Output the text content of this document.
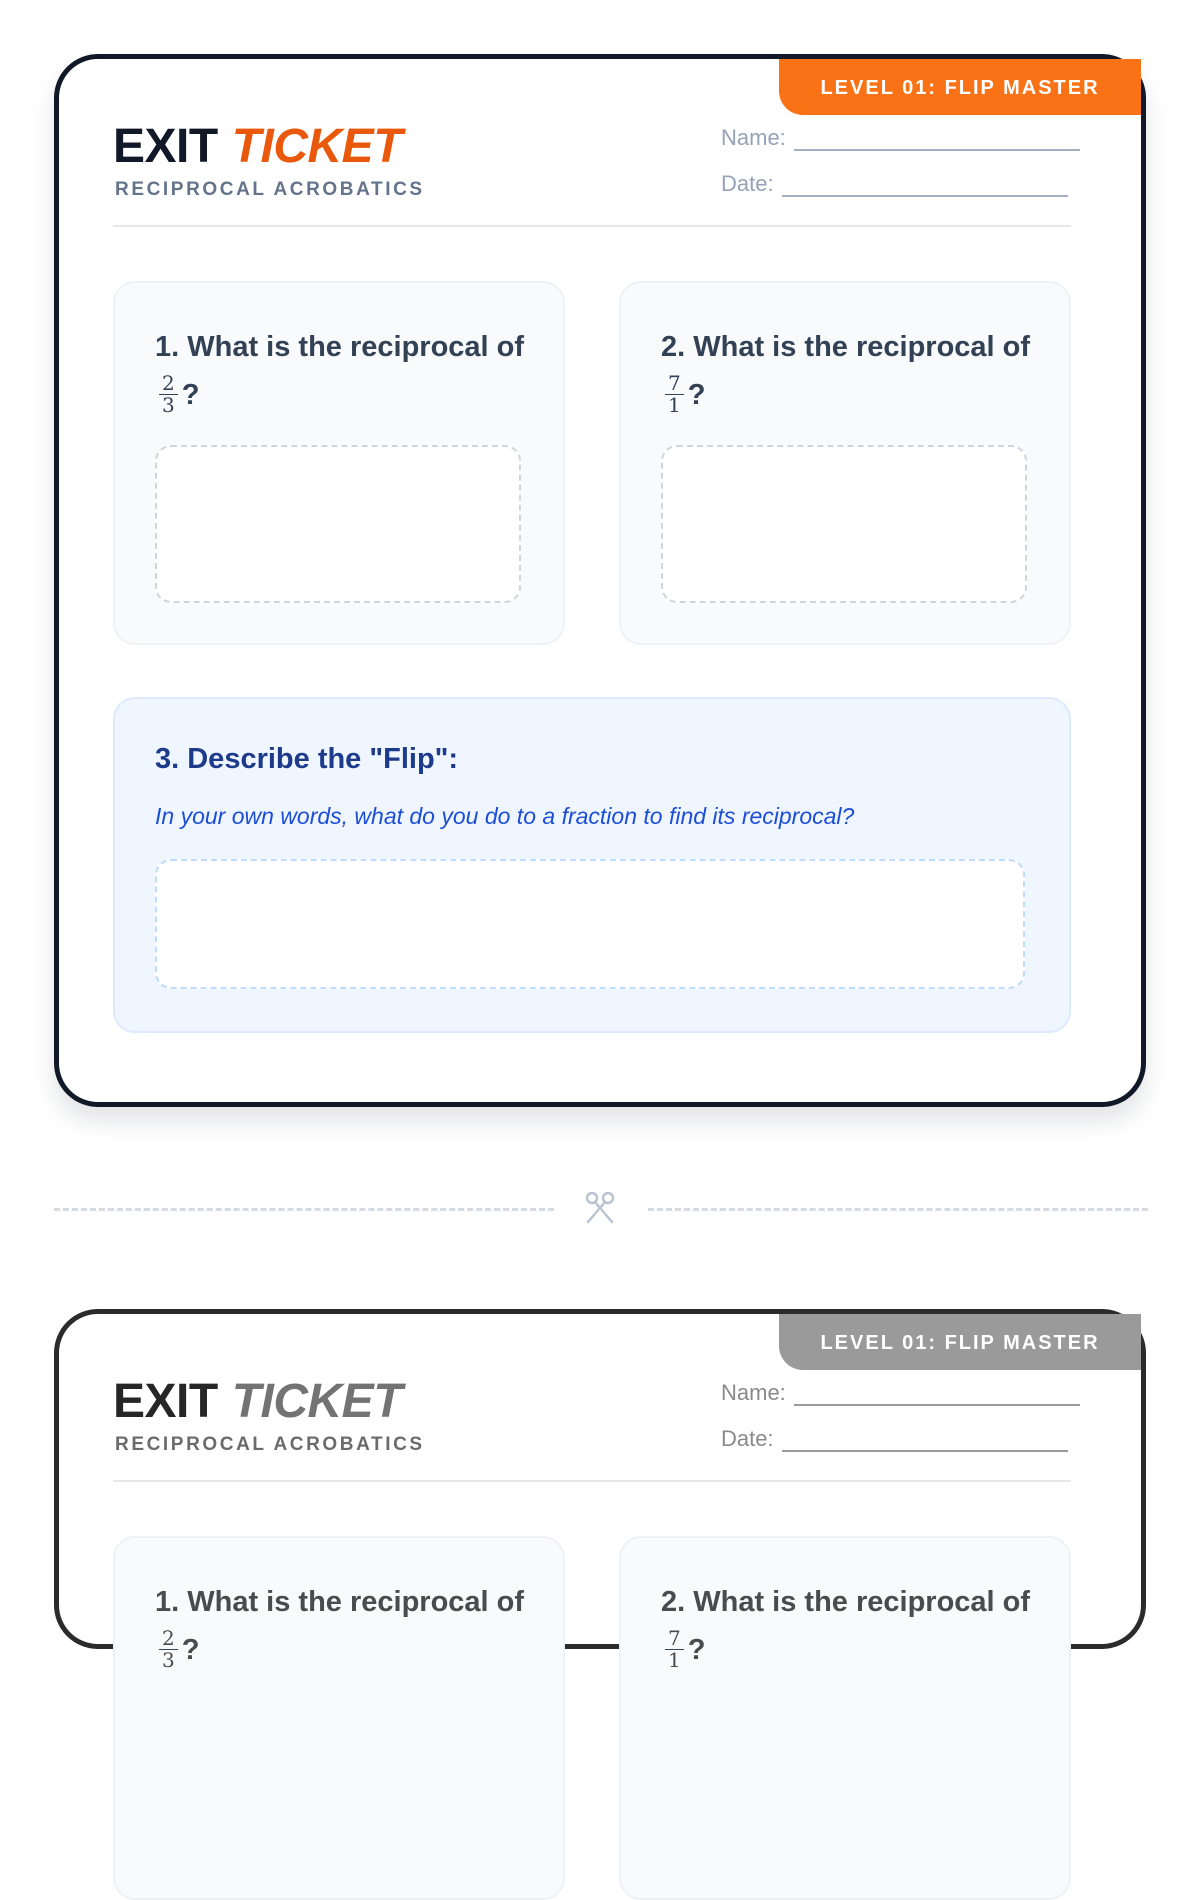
LEVEL 01: FLIP MASTER
EXIT TICKET
RECIPROCAL ACROBATICS
Name:
Date:
1. What is the reciprocal of
$\frac{2}{3}$ ?
2. What is the reciprocal of
$\frac{7}{1}$ ?
3. Describe the "Flip":
In your own words, what do you do to a fraction to find its reciprocal?
LEVEL 01: FLIP MASTER
EXIT TICKET
RECIPROCAL ACROBATICS
Name:
Date:
1. What is the reciprocal of
$\frac{2}{3}$ ?
2. What is the reciprocal of
$\frac{7}{1}$ ?
